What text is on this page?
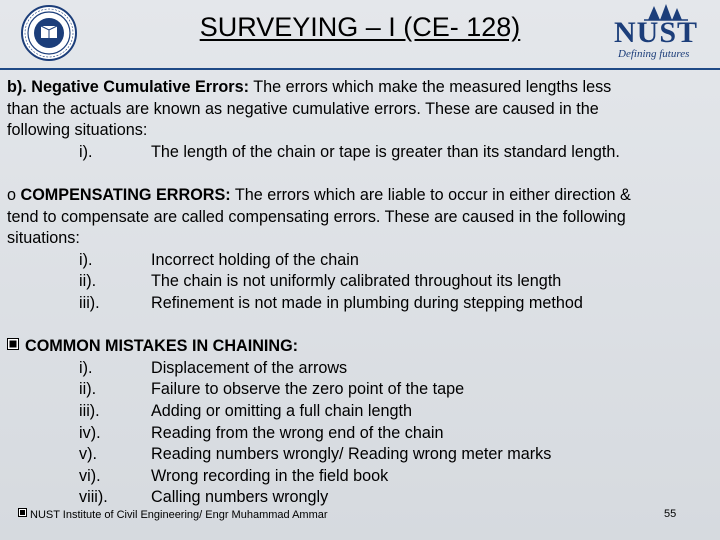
SURVEYING – I (CE- 128)	NUST
Defining futures

b). Negative Cumulative Errors: The errors which make the measured lengths less

than the actuals are known as negative cumulative errors. These are caused in the

following situations:

i).	The length of the chain or tape is greater than its standard length.

o COMPENSATING ERRORS: The errors which are liable to occur in either direction &

tend to compensate are called compensating errors. These are caused in the following

situations:

i).	Incorrect holding of the chain
ii).	The chain is not uniformly calibrated throughout its length
iii).	Refinement is not made in plumbing during stepping method

COMMON MISTAKES IN CHAINING:

i).	Displacement of the arrows
ii).	Failure to observe the zero point of the tape
iii).	Adding or omitting a full chain length
iv).	Reading from the wrong end of the chain
v).	Reading numbers wrongly/ Reading wrong meter marks
vi).	Wrong recording in the field book
viii).	Calling numbers wrongly
NUST Institute of Civil Engineering/ Engr Muhammad Ammar	55
